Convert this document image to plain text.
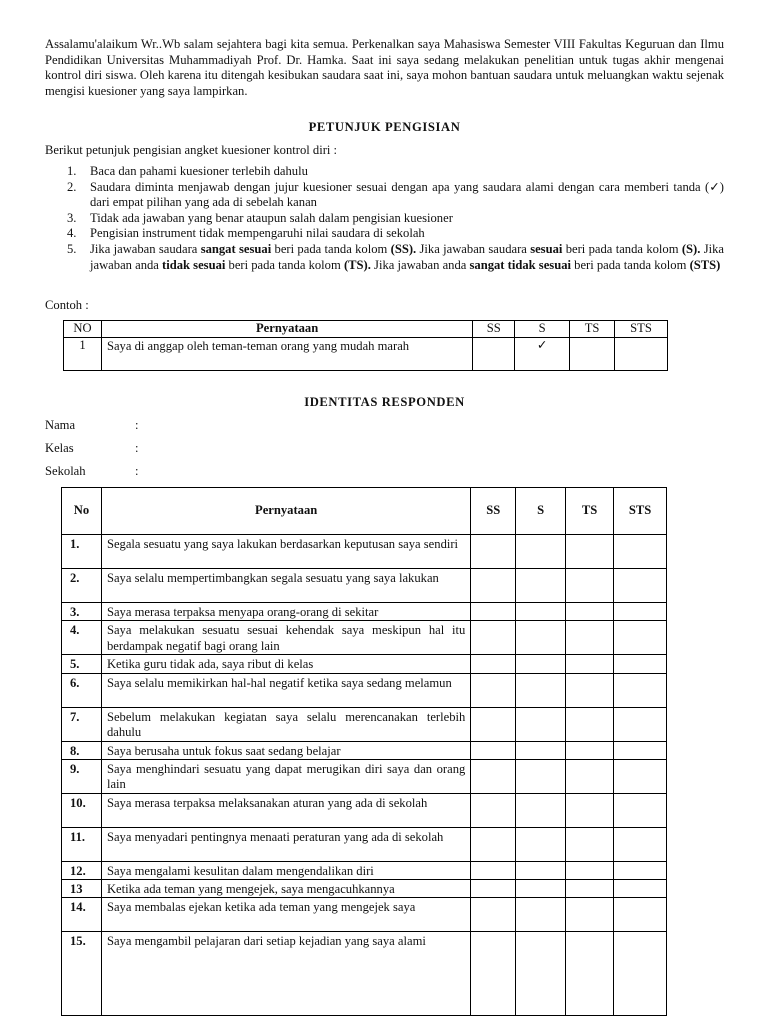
Assalamu'alaikum Wr..Wb salam sejahtera bagi kita semua. Perkenalkan saya Mahasiswa Semester VIII Fakultas Keguruan dan Ilmu Pendidikan Universitas Muhammadiyah Prof. Dr. Hamka. Saat ini saya sedang melakukan penelitian untuk tugas akhir mengenai kontrol diri siswa. Oleh karena itu ditengah kesibukan saudara saat ini, saya mohon bantuan saudara untuk meluangkan waktu sejenak mengisi kuesioner yang saya lampirkan.

PETUNJUK PENGISIAN

Berikut petunjuk pengisian angket kuesioner kontrol diri :

1. Baca dan pahami kuesioner terlebih dahulu
2. Saudara diminta menjawab dengan jujur kuesioner sesuai dengan apa yang saudara alami dengan cara memberi tanda (✓) dari empat pilihan yang ada di sebelah kanan
3. Tidak ada jawaban yang benar ataupun salah dalam pengisian kuesioner
4. Pengisian instrument tidak mempengaruhi nilai saudara di sekolah
5. Jika jawaban saudara sangat sesuai beri pada tanda kolom (SS). Jika jawaban saudara sesuai beri pada tanda kolom (S). Jika jawaban anda tidak sesuai beri pada tanda kolom (TS). Jika jawaban anda sangat tidak sesuai beri pada tanda kolom (STS)

Contoh :

NO	Pernyataan	SS	S	TS	STS
1	Saya di anggap oleh teman-teman orang yang mudah marah		✓		

IDENTITAS RESPONDEN

Nama	:
Kelas	:
Sekolah	:
No	Pernyataan	SS	S	TS	STS
1.	Segala sesuatu yang saya lakukan berdasarkan keputusan saya sendiri				
2.	Saya selalu mempertimbangkan segala sesuatu yang saya lakukan				
3.	Saya merasa terpaksa menyapa orang-orang di sekitar				
4.	Saya melakukan sesuatu sesuai kehendak saya meskipun hal itu berdampak negatif bagi orang lain				
5.	Ketika guru tidak ada, saya ribut di kelas				
6.	Saya selalu memikirkan hal-hal negatif ketika saya sedang melamun				
7.	Sebelum melakukan kegiatan saya selalu merencanakan terlebih dahulu				
8.	Saya berusaha untuk fokus saat sedang belajar				
9.	Saya menghindari sesuatu yang dapat merugikan diri saya dan orang lain				
10.	Saya merasa terpaksa melaksanakan aturan yang ada di sekolah				
11.	Saya menyadari pentingnya menaati peraturan yang ada di sekolah				
12.	Saya mengalami kesulitan dalam mengendalikan diri				
13	Ketika ada teman yang mengejek, saya mengacuhkannya				
14.	Saya membalas ejekan ketika ada teman yang mengejek saya				
15.	Saya mengambil pelajaran dari setiap kejadian yang saya alami				
